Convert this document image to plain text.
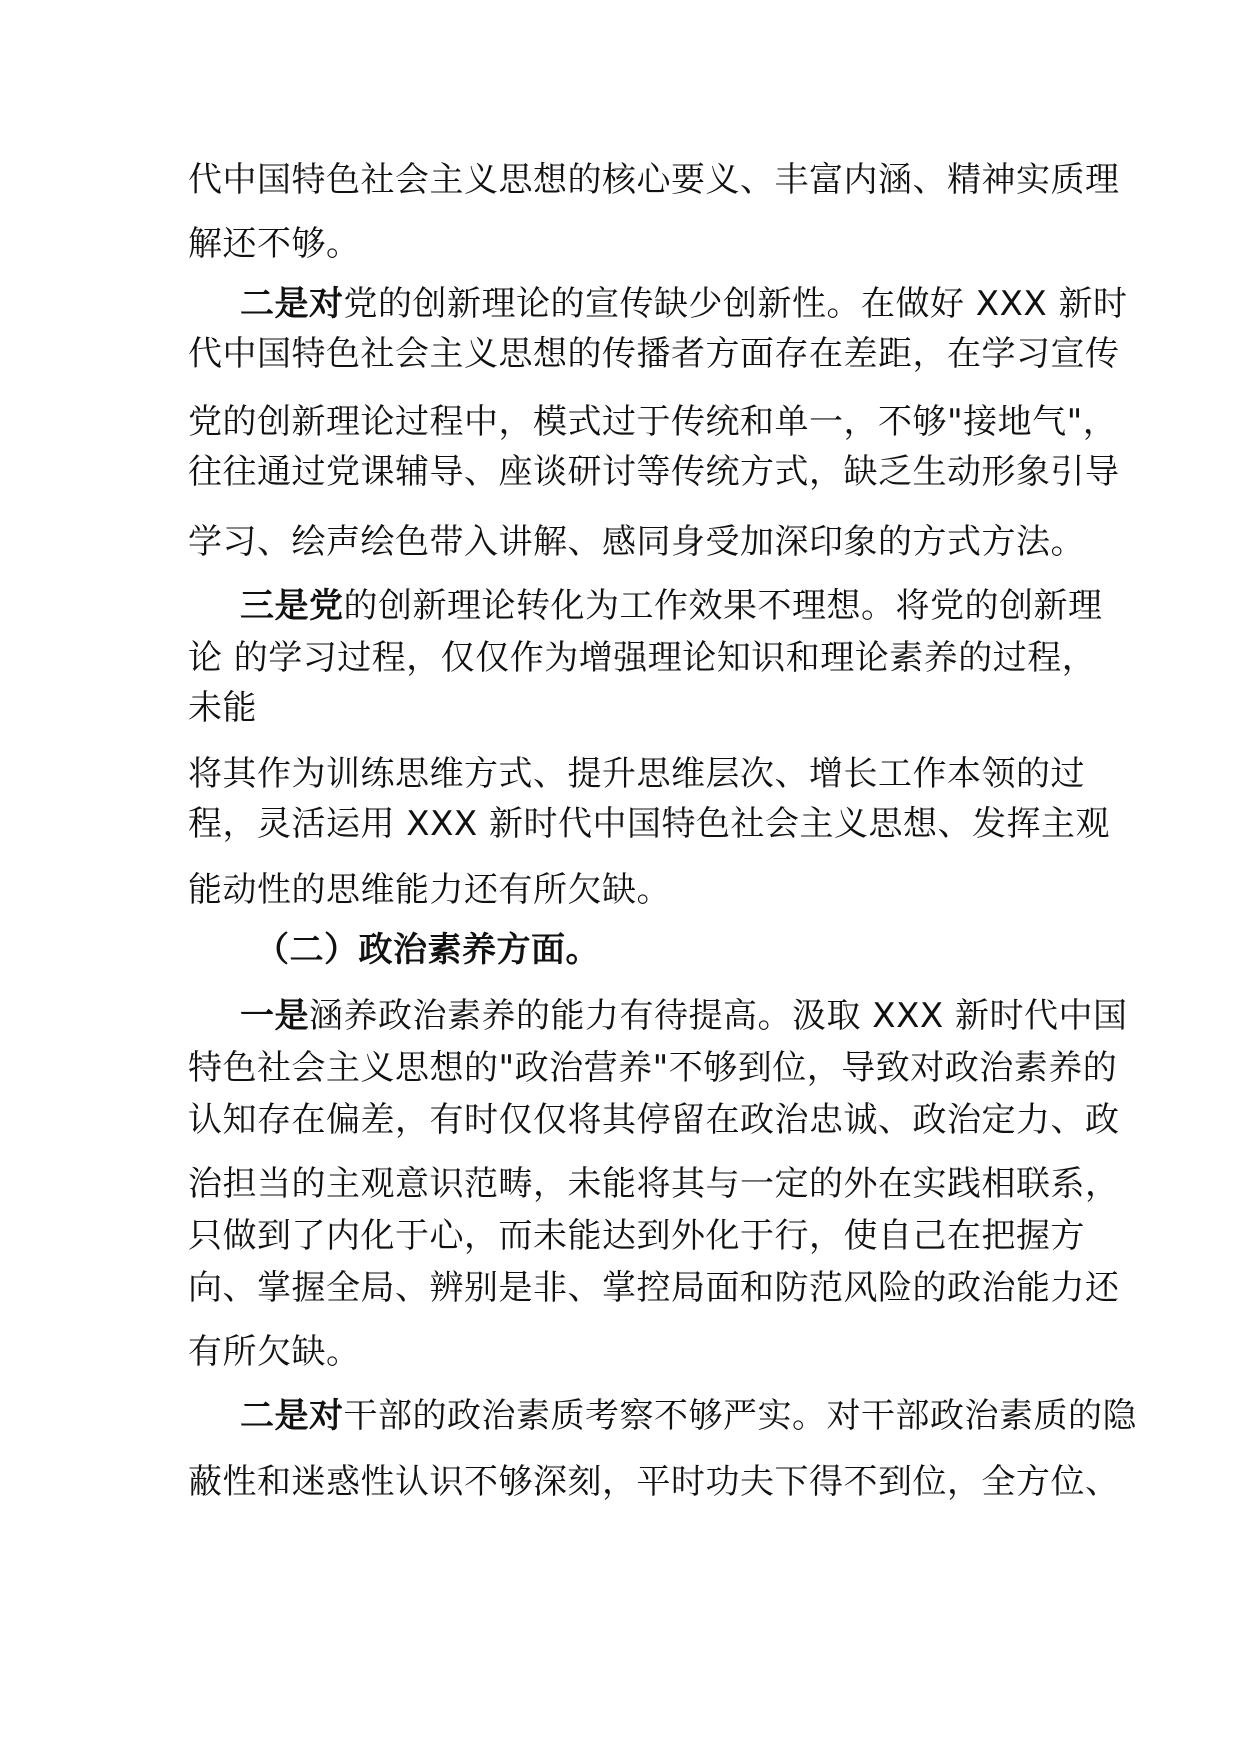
代中国特色社会主义思想的核心要义、丰富内涵、精神实质理
解还不够。
二是对党的创新理论的宣传缺少创新性。在做好 XXX 新时
代中国特色社会主义思想的传播者方面存在差距，在学习宣传
党的创新理论过程中，模式过于传统和单一，不够"接地气"，
往往通过党课辅导、座谈研讨等传统方式，缺乏生动形象引导
学习、绘声绘色带入讲解、感同身受加深印象的方式方法。
三是党的创新理论转化为工作效果不理想。将党的创新理
论 的学习过程，仅仅作为增强理论知识和理论素养的过程，
未能
将其作为训练思维方式、提升思维层次、增长工作本领的过
程，灵活运用 XXX 新时代中国特色社会主义思想、发挥主观
能动性的思维能力还有所欠缺。
（二）政治素养方面。
一是涵养政治素养的能力有待提高。汲取 XXX 新时代中国
特色社会主义思想的"政治营养"不够到位，导致对政治素养的
认知存在偏差，有时仅仅将其停留在政治忠诚、政治定力、政
治担当的主观意识范畴，未能将其与一定的外在实践相联系，
只做到了内化于心，而未能达到外化于行，使自己在把握方
向、掌握全局、辨别是非、掌控局面和防范风险的政治能力还
有所欠缺。
二是对干部的政治素质考察不够严实。对干部政治素质的隐
蔽性和迷惑性认识不够深刻，平时功夫下得不到位，全方位、
